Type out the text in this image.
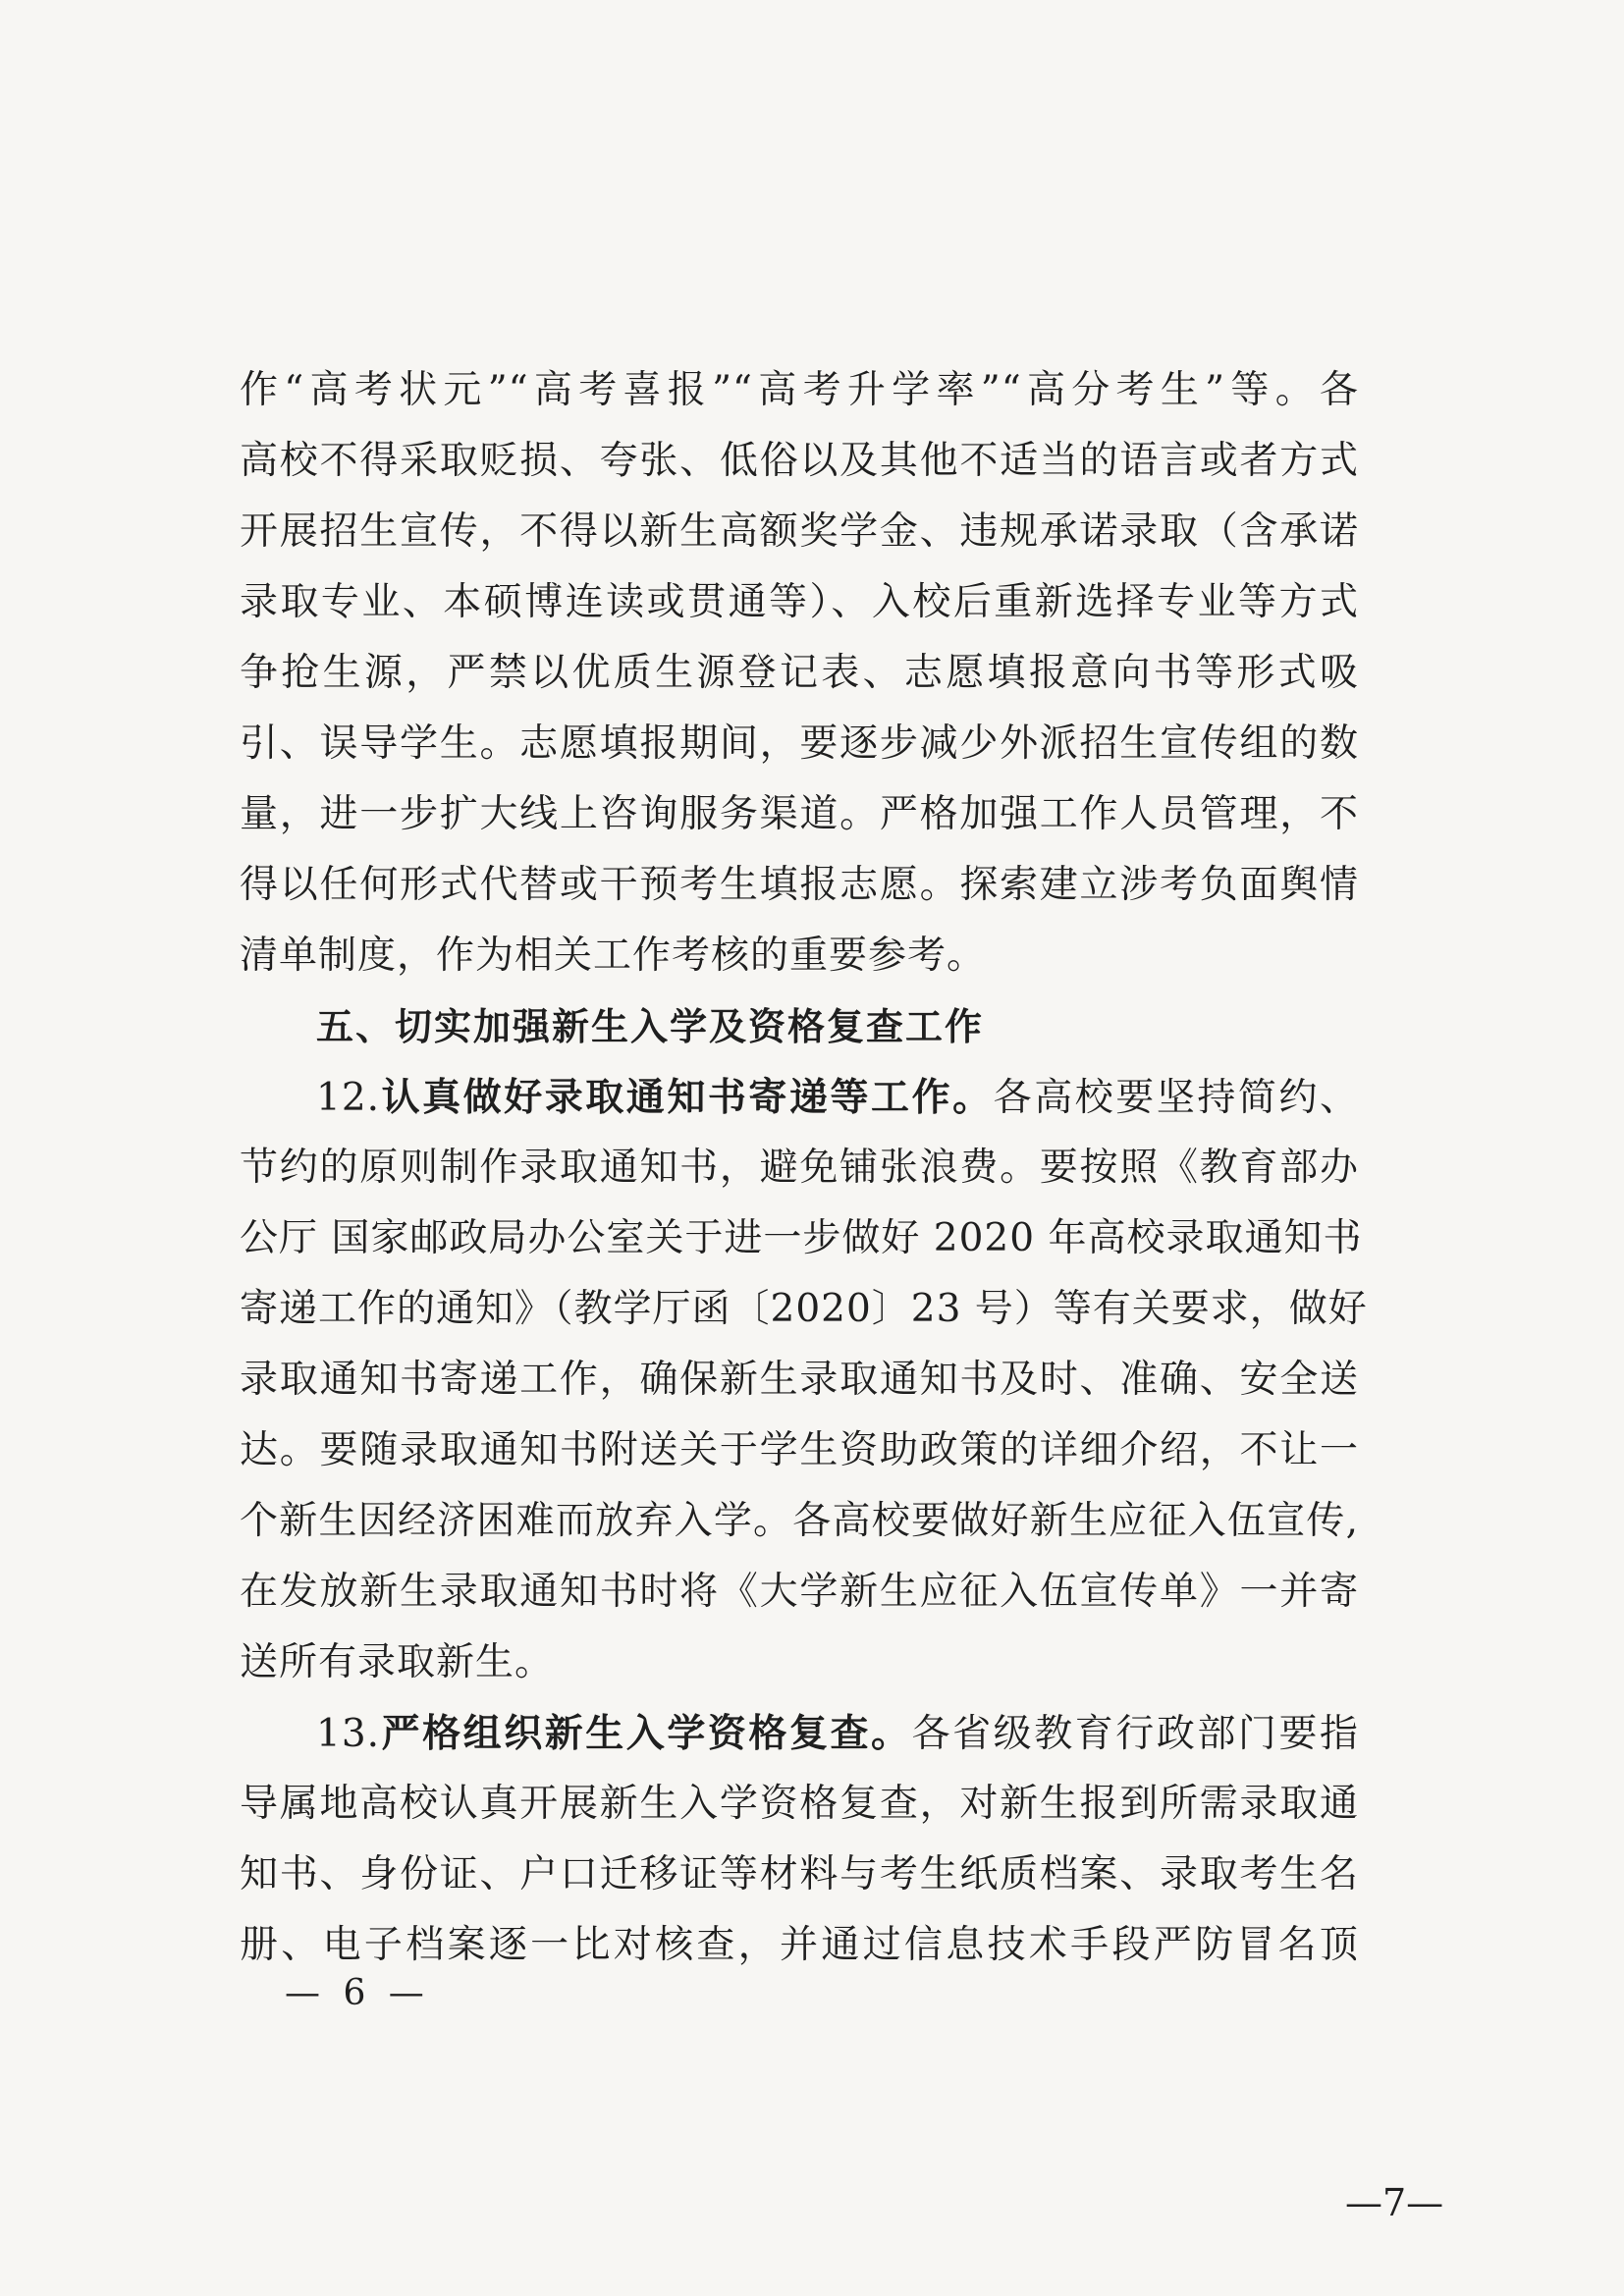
作“高考状元”“高考喜报”“高考升学率”“高分考生”等。各
高校不得采取贬损、夸张、低俗以及其他不适当的语言或者方式
开展招生宣传，不得以新生高额奖学金、违规承诺录取（含承诺
录取专业、本硕博连读或贯通等）、入校后重新选择专业等方式
争抢生源，严禁以优质生源登记表、志愿填报意向书等形式吸
引、误导学生。志愿填报期间，要逐步减少外派招生宣传组的数
量，进一步扩大线上咨询服务渠道。严格加强工作人员管理，不
得以任何形式代替或干预考生填报志愿。探索建立涉考负面舆情
清单制度，作为相关工作考核的重要参考。
五、切实加强新生入学及资格复查工作
12.认真做好录取通知书寄递等工作。各高校要坚持简约、
节约的原则制作录取通知书，避免铺张浪费。要按照《教育部办
公厅 国家邮政局办公室关于进一步做好 2020 年高校录取通知书
寄递工作的通知》（教学厅函〔2020〕23 号）等有关要求，做好
录取通知书寄递工作，确保新生录取通知书及时、准确、安全送
达。要随录取通知书附送关于学生资助政策的详细介绍，不让一
个新生因经济困难而放弃入学。各高校要做好新生应征入伍宣传,
在发放新生录取通知书时将《大学新生应征入伍宣传单》一并寄
送所有录取新生。
13.严格组织新生入学资格复查。各省级教育行政部门要指
导属地高校认真开展新生入学资格复查，对新生报到所需录取通
知书、身份证、户口迁移证等材料与考生纸质档案、录取考生名
册、电子档案逐一比对核查，并通过信息技术手段严防冒名顶
— 6 —
—7—
